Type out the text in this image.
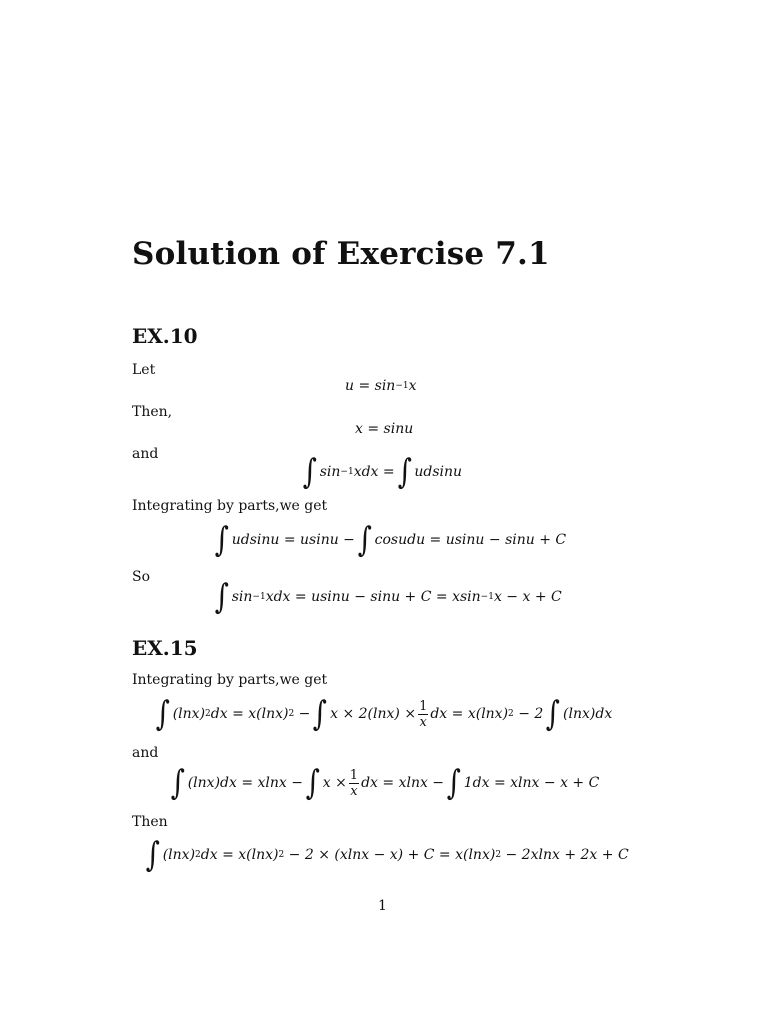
Solution of Exercise 7.1
EX.10
Let
u = sin −1 x
Then,
x = sinu
and	∫ sin −1 xdx = ∫ udsinu
Integrating by parts,we get
∫ udsinu = usinu − ∫ cosudu = usinu − sinu + C
So ∫ sin −1 xdx = usinu − sinu + C = xsin −1 x − x + C
EX.15
Integrating by parts,we get
∫ (lnx) 2 dx = x(lnx) 2
− ∫ $x \times 2(\ln x) \times \frac{1}{x}$ dx = x(lnx) 2
− 2 ∫ (lnx)dx
and
∫ (lnx)dx = xlnx − ∫ $x \times \frac{1}{x}$ dx = xlnx − ∫ 1dx = xlnx − x + C
Then
∫ (lnx) 2 dx = x(lnx) 2
− 2 × (xlnx − x) + C = x(lnx) 2
− 2xlnx + 2x + C
1
